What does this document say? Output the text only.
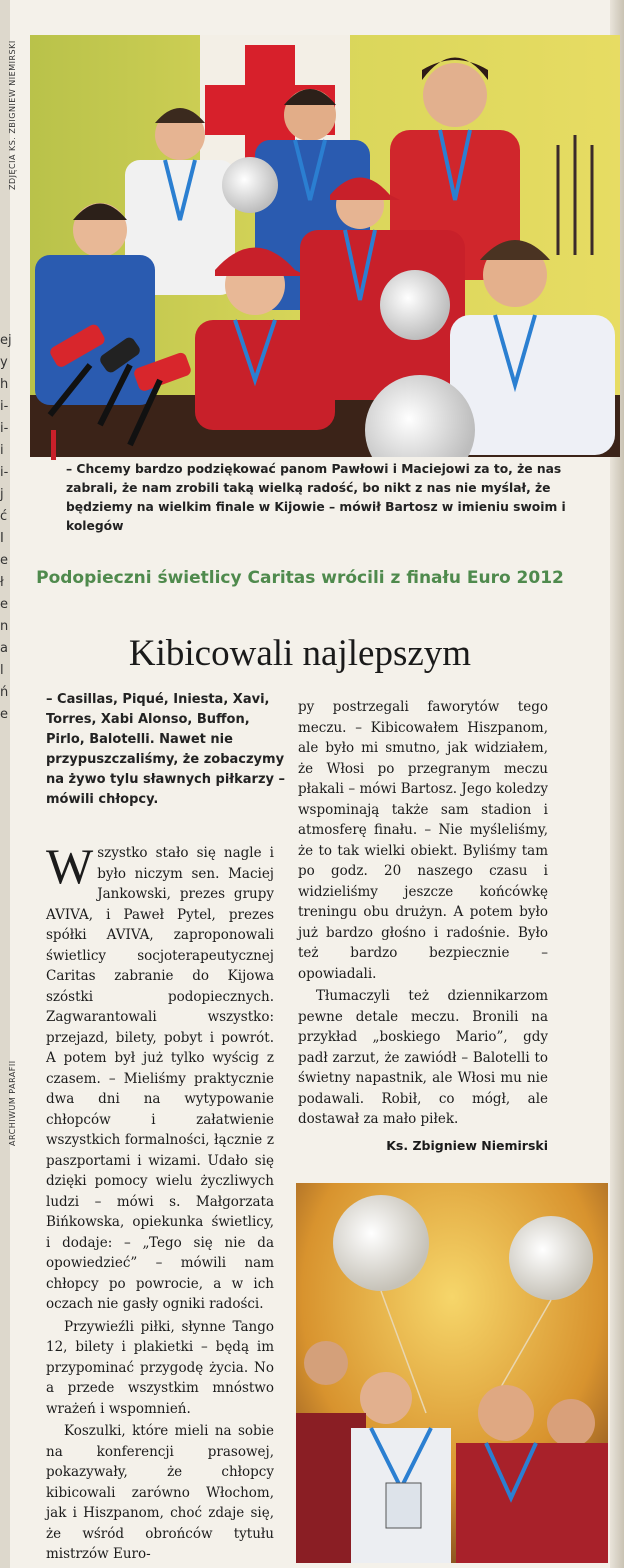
ej
y
h
i-
i-
i
i-
j
ć
I
e
ł
e
n
a
l
ń
e
ZDJĘCIA KS. ZBIGNIEW NIEMIRSKI
ARCHIWUM PARAFII
– Chcemy bardzo podziękować panom Pawłowi i Maciejowi za to, że nas zabrali, że nam zrobili taką wielką radość, bo nikt z nas nie myślał, że będziemy na wielkim finale w Kijowie – mówił Bartosz w imieniu swoim i kolegów
Podopieczni świetlicy Caritas wrócili z finału Euro 2012
Kibicowali najlepszym
– Casillas, Piqué, Iniesta, Xavi, Torres, Xabi Alonso, Buffon, Pirlo, Balotelli. Nawet nie przypuszczaliśmy, że zobaczymy na żywo tylu sławnych piłkarzy – mówili chłopcy.

Wszystko stało się nagle i było niczym sen. Maciej Jankowski, prezes grupy AVIVA, i Paweł Pytel, prezes spółki AVIVA, zaproponowali świetlicy socjoterapeutycznej Caritas zabranie do Kijowa szóstki podopiecznych. Zagwarantowali wszystko: przejazd, bilety, pobyt i powrót. A potem był już tylko wyścig z czasem. – Mieliśmy praktycznie dwa dni na wytypowanie chłopców i załatwienie wszystkich formalności, łącznie z paszportami i wizami. Udało się dzięki pomocy wielu życzliwych ludzi – mówi s. Małgorzata Bińkowska, opiekunka świetlicy, i dodaje: – „Tego się nie da opowiedzieć” – mówili nam chłopcy po powrocie, a w ich oczach nie gasły ogniki radości.

Przywieźli piłki, słynne Tango 12, bilety i plakietki – będą im przypominać przygodę życia. No a przede wszystkim mnóstwo wrażeń i wspomnień.

Koszulki, które mieli na sobie na konferencji prasowej, pokazywały, że chłopcy kibicowali zarówno Włochom, jak i Hiszpanom, choć zdaje się, że wśród obrońców tytułu mistrzów Euro-

py postrzegali faworytów tego meczu. – Kibicowałem Hiszpanom, ale było mi smutno, jak widziałem, że Włosi po przegranym meczu płakali – mówi Bartosz. Jego koledzy wspominają także sam stadion i atmosferę finału. – Nie myśleliśmy, że to tak wielki obiekt. Byliśmy tam po godz. 20 naszego czasu i widzieliśmy jeszcze końcówkę treningu obu drużyn. A potem było już bardzo głośno i radośnie. Było też bardzo bezpiecznie – opowiadali.

Tłumaczyli też dziennikarzom pewne detale meczu. Bronili na przykład „boskiego Mario”, gdy padł zarzut, że zawiódł – Balotelli to świetny napastnik, ale Włosi mu nie podawali. Robił, co mógł, ale dostawał za mało piłek.

Ks. Zbigniew Niemirski
